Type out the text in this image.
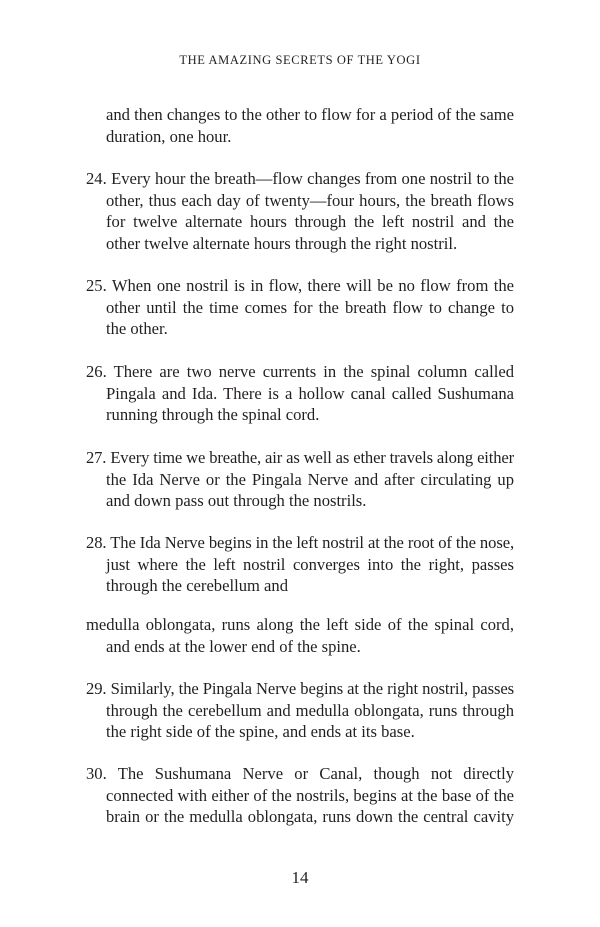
THE AMAZING SECRETS OF THE YOGI
and then changes to the other to flow for a period of the same
duration, one hour.
24. Every hour the breath—flow changes from one nostril to the
other, thus each day of twenty—four hours, the breath flows
for twelve alternate hours through the left nostril and the
other twelve alternate hours through the right nostril.
25. When one nostril is in flow, there will be no flow from the
other until the time comes for the breath flow to change to
the other.
26. There are two nerve currents in the spinal column called
Pingala and Ida. There is a hollow canal called Sushumana
running through the spinal cord.
27. Every time we breathe, air as well as ether travels along either
the Ida Nerve or the Pingala Nerve and after circulating up
and down pass out through the nostrils.
28. The Ida Nerve begins in the left nostril at the root of the nose,
just where the left nostril converges into the right, passes
through the cerebellum and
medulla oblongata, runs along the left side of the spinal cord,
and ends at the lower end of the spine.
29. Similarly, the Pingala Nerve begins at the right nostril, passes
through the cerebellum and medulla oblongata, runs through
the right side of the spine, and ends at its base.
30. The Sushumana Nerve or Canal, though not directly
connected with either of the nostrils, begins at the base of the
brain or the medulla oblongata, runs down the central cavity
14
